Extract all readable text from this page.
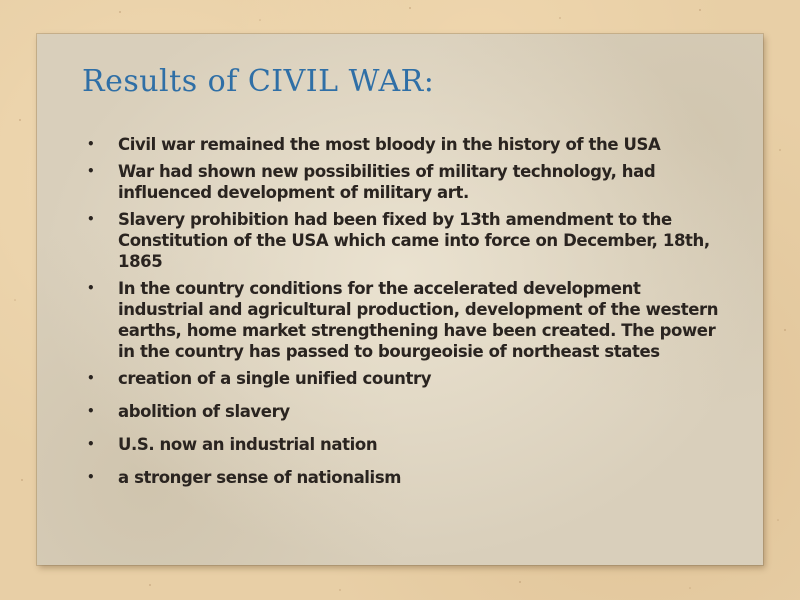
Results of CIVIL WAR:
• Civil war remained the most bloody in the history of the USA
• War had shown new possibilities of military technology, had influenced development of military art.
• Slavery prohibition had been fixed by 13th amendment to the Constitution of the USA which came into force on December, 18th, 1865
• In the country conditions for the accelerated development industrial and agricultural production, development of the western earths, home market strengthening have been created. The power in the country has passed to bourgeoisie of northeast states
• creation of a single unified country
• abolition of slavery
• U.S. now an industrial nation
• a stronger sense of nationalism
